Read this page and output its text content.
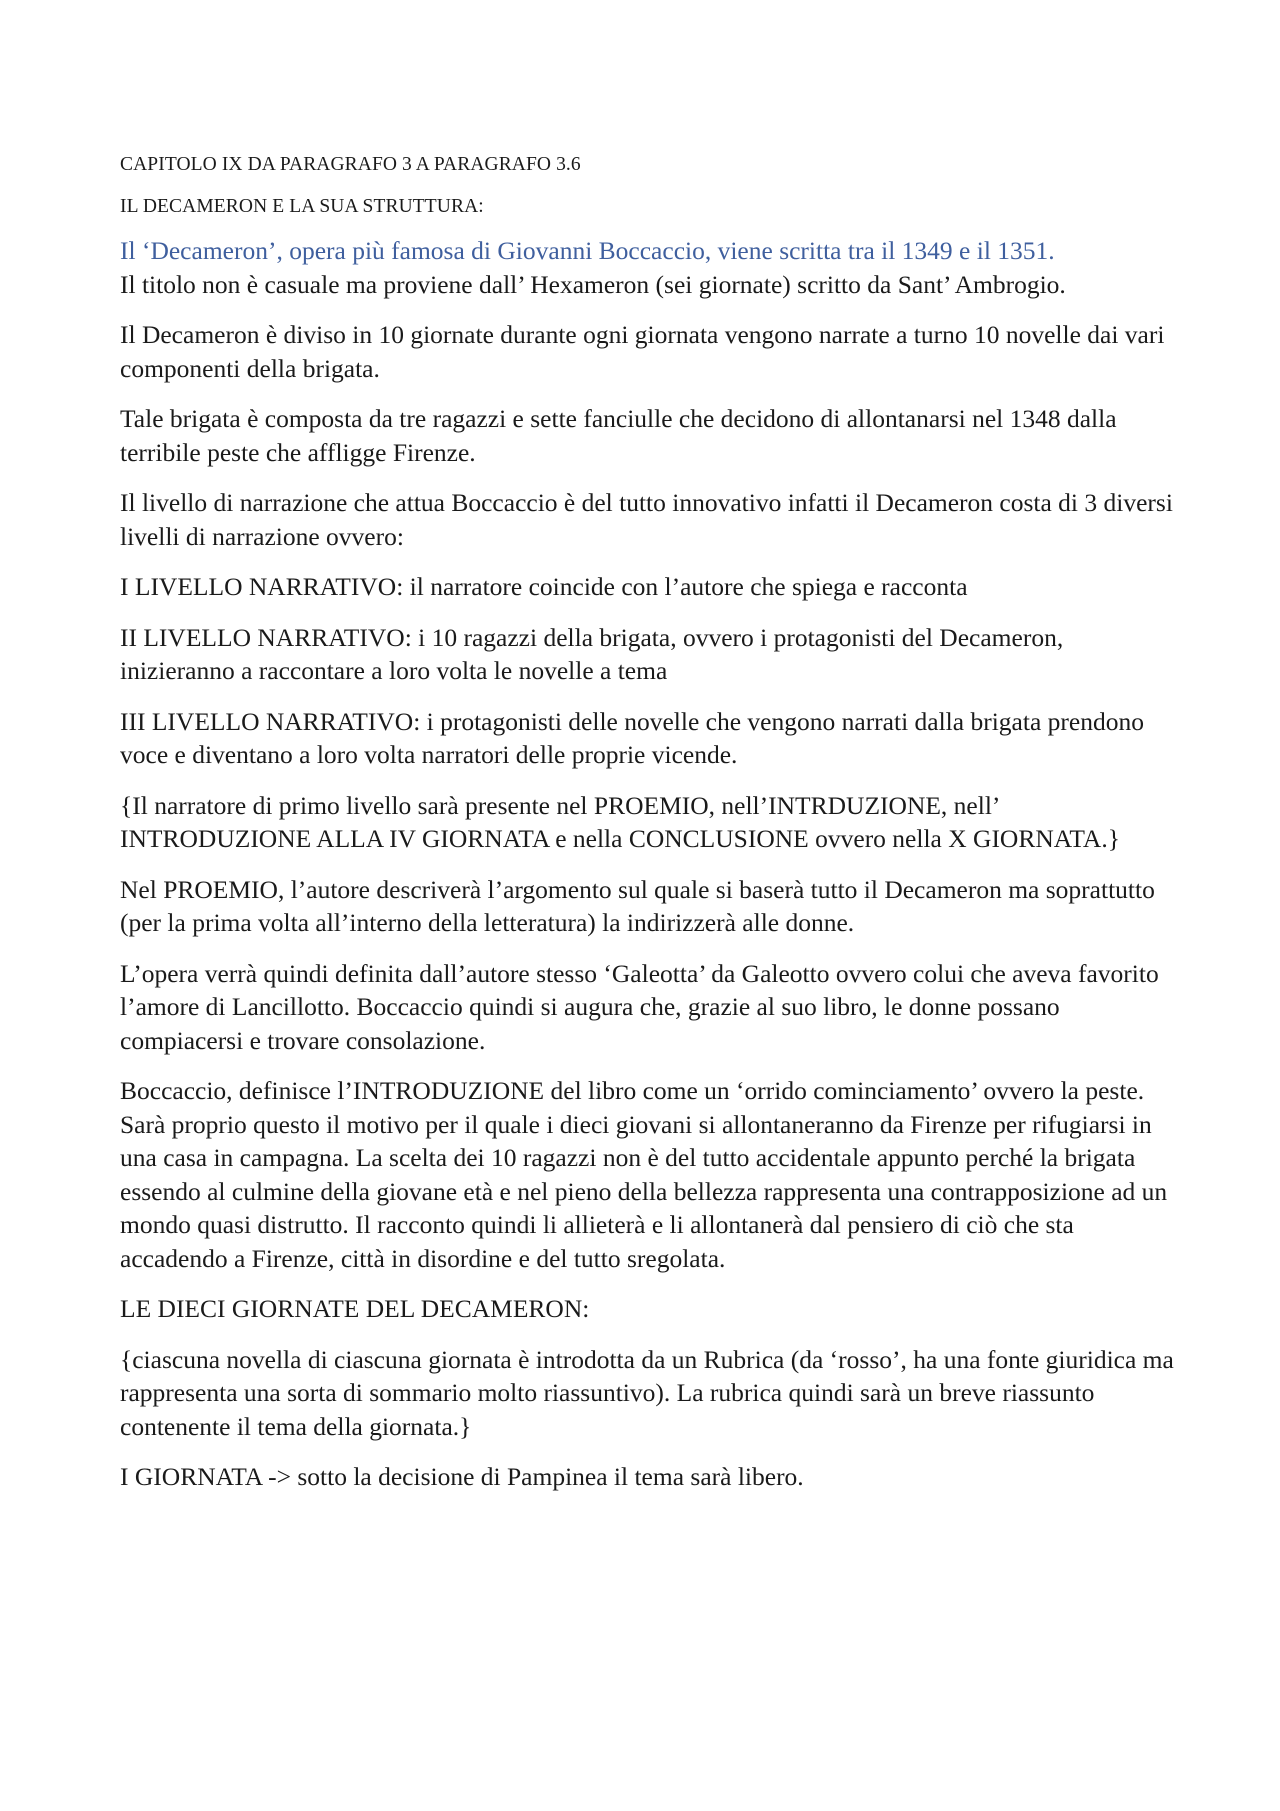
CAPITOLO IX DA PARAGRAFO 3 A PARAGRAFO 3.6

IL DECAMERON E LA SUA STRUTTURA:

Il ‘Decameron’, opera più famosa di Giovanni Boccaccio, viene scritta tra il 1349 e il 1351.
Il titolo non è casuale ma proviene dall’ Hexameron (sei giornate) scritto da Sant’ Ambrogio.

Il Decameron è diviso in 10 giornate durante ogni giornata vengono narrate a turno 10 novelle dai vari componenti della brigata.

Tale brigata è composta da tre ragazzi e sette fanciulle che decidono di allontanarsi nel 1348 dalla terribile peste che affligge Firenze.

Il livello di narrazione che attua Boccaccio è del tutto innovativo infatti il Decameron costa di 3 diversi livelli di narrazione ovvero:

I LIVELLO NARRATIVO: il narratore coincide con l’autore che spiega e racconta

II LIVELLO NARRATIVO: i 10 ragazzi della brigata, ovvero i protagonisti del Decameron, inizieranno a raccontare a loro volta le novelle a tema

III LIVELLO NARRATIVO: i protagonisti delle novelle che vengono narrati dalla brigata prendono voce e diventano a loro volta narratori delle proprie vicende.

{Il narratore di primo livello sarà presente nel PROEMIO, nell’INTRDUZIONE, nell’ INTRODUZIONE ALLA IV GIORNATA e nella CONCLUSIONE ovvero nella X GIORNATA.}

Nel PROEMIO, l’autore descriverà l’argomento sul quale si baserà tutto il Decameron ma soprattutto (per la prima volta all’interno della letteratura) la indirizzerà alle donne.

L’opera verrà quindi definita dall’autore stesso ‘Galeotta’ da Galeotto ovvero colui che aveva favorito l’amore di Lancillotto. Boccaccio quindi si augura che, grazie al suo libro, le donne possano compiacersi e trovare consolazione.

Boccaccio, definisce l’INTRODUZIONE del libro come un ‘orrido cominciamento’ ovvero la peste. Sarà proprio questo il motivo per il quale i dieci giovani si allontaneranno da Firenze per rifugiarsi in una casa in campagna. La scelta dei 10 ragazzi non è del tutto accidentale appunto perché la brigata essendo al culmine della giovane età e nel pieno della bellezza rappresenta una contrapposizione ad un mondo quasi distrutto. Il racconto quindi li allieterà e li allontanerà dal pensiero di ciò che sta accadendo a Firenze, città in disordine e del tutto sregolata.

LE DIECI GIORNATE DEL DECAMERON:

{ciascuna novella di ciascuna giornata è introdotta da un Rubrica (da ‘rosso’, ha una fonte giuridica ma rappresenta una sorta di sommario molto riassuntivo). La rubrica quindi sarà un breve riassunto contenente il tema della giornata.}

I GIORNATA -> sotto la decisione di Pampinea il tema sarà libero.
